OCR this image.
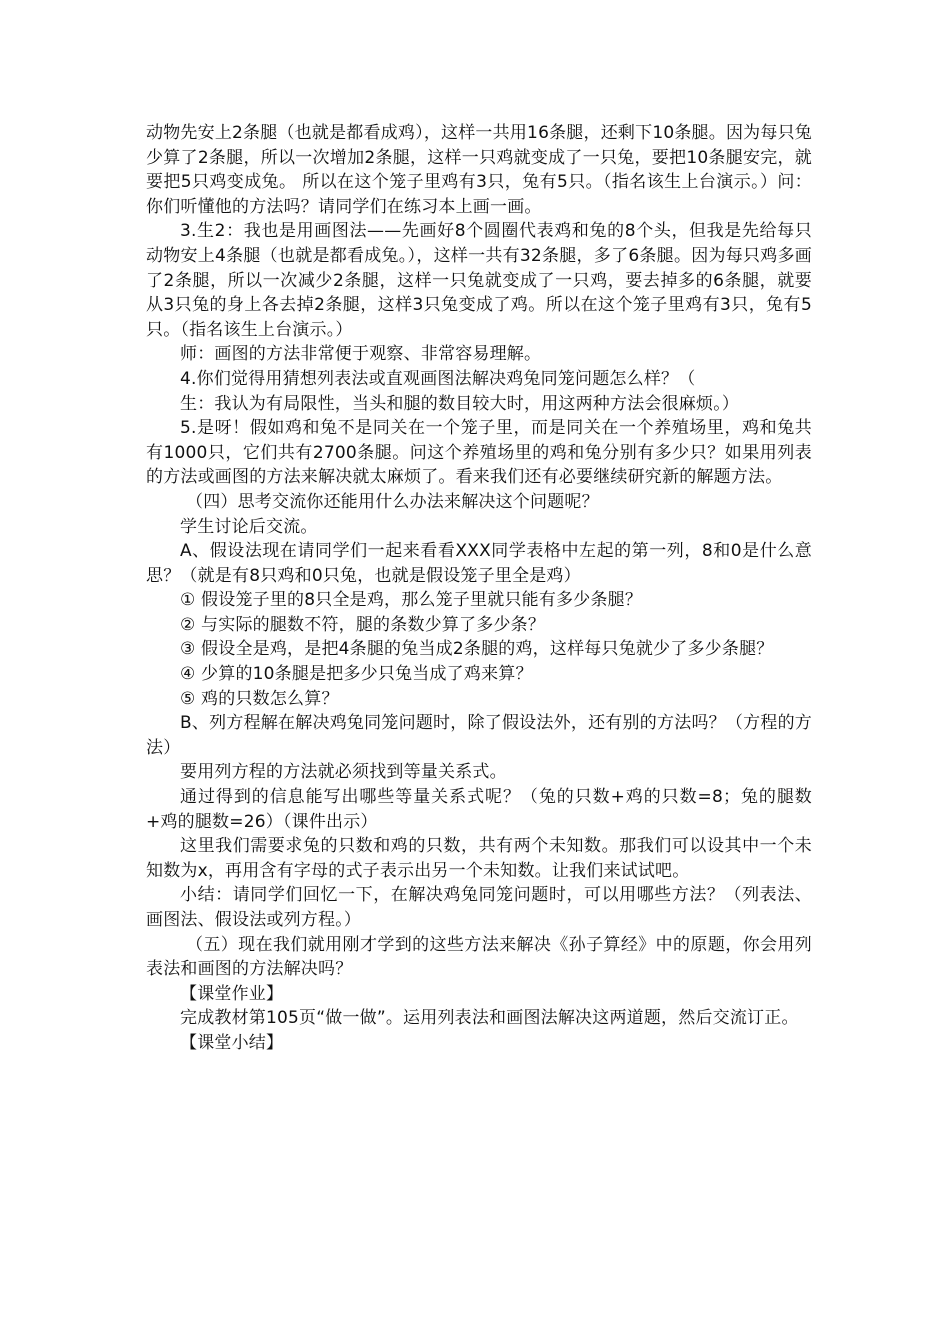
动物先安上2条腿（也就是都看成鸡），这样一共用16条腿，还剩下10条腿。因为每只兔少算了2条腿，所以一次增加2条腿，这样一只鸡就变成了一只兔，要把10条腿安完，就要把5只鸡变成兔。 所以在这个笼子里鸡有3只，兔有5只。（指名该生上台演示。）问：你们听懂他的方法吗？请同学们在练习本上画一画。

3.生2：我也是用画图法——先画好8个圆圈代表鸡和兔的8个头，但我是先给每只动物安上4条腿（也就是都看成兔。），这样一共有32条腿，多了6条腿。因为每只鸡多画了2条腿，所以一次减少2条腿，这样一只兔就变成了一只鸡，要去掉多的6条腿，就要从3只兔的身上各去掉2条腿，这样3只兔变成了鸡。所以在这个笼子里鸡有3只，兔有5只。（指名该生上台演示。）

师：画图的方法非常便于观察、非常容易理解。

4.你们觉得用猜想列表法或直观画图法解决鸡兔同笼问题怎么样？（

生：我认为有局限性，当头和腿的数目较大时，用这两种方法会很麻烦。）

5.是呀！假如鸡和兔不是同关在一个笼子里，而是同关在一个养殖场里，鸡和兔共有1000只，它们共有2700条腿。问这个养殖场里的鸡和兔分别有多少只？如果用列表的方法或画图的方法来解决就太麻烦了。看来我们还有必要继续研究新的解题方法。

（四）思考交流你还能用什么办法来解决这个问题呢？

学生讨论后交流。

A、假设法现在请同学们一起来看看XXX同学表格中左起的第一列，8和0是什么意思？（就是有8只鸡和0只兔，也就是假设笼子里全是鸡）

① 假设笼子里的8只全是鸡，那么笼子里就只能有多少条腿？

② 与实际的腿数不符，腿的条数少算了多少条？

③ 假设全是鸡，是把4条腿的兔当成2条腿的鸡，这样每只兔就少了多少条腿？

④ 少算的10条腿是把多少只兔当成了鸡来算？

⑤ 鸡的只数怎么算？

B、列方程解在解决鸡兔同笼问题时，除了假设法外，还有别的方法吗？（方程的方法）

要用列方程的方法就必须找到等量关系式。

通过得到的信息能写出哪些等量关系式呢？（兔的只数+鸡的只数=8；兔的腿数+鸡的腿数=26）（课件出示）

这里我们需要求兔的只数和鸡的只数，共有两个未知数。那我们可以设其中一个未知数为x，再用含有字母的式子表示出另一个未知数。让我们来试试吧。

小结：请同学们回忆一下，在解决鸡兔同笼问题时，可以用哪些方法？（列表法、画图法、假设法或列方程。）

（五）现在我们就用刚才学到的这些方法来解决《孙子算经》中的原题，你会用列表法和画图的方法解决吗？

【课堂作业】

完成教材第105页“做一做”。运用列表法和画图法解决这两道题，然后交流订正。

【课堂小结】
